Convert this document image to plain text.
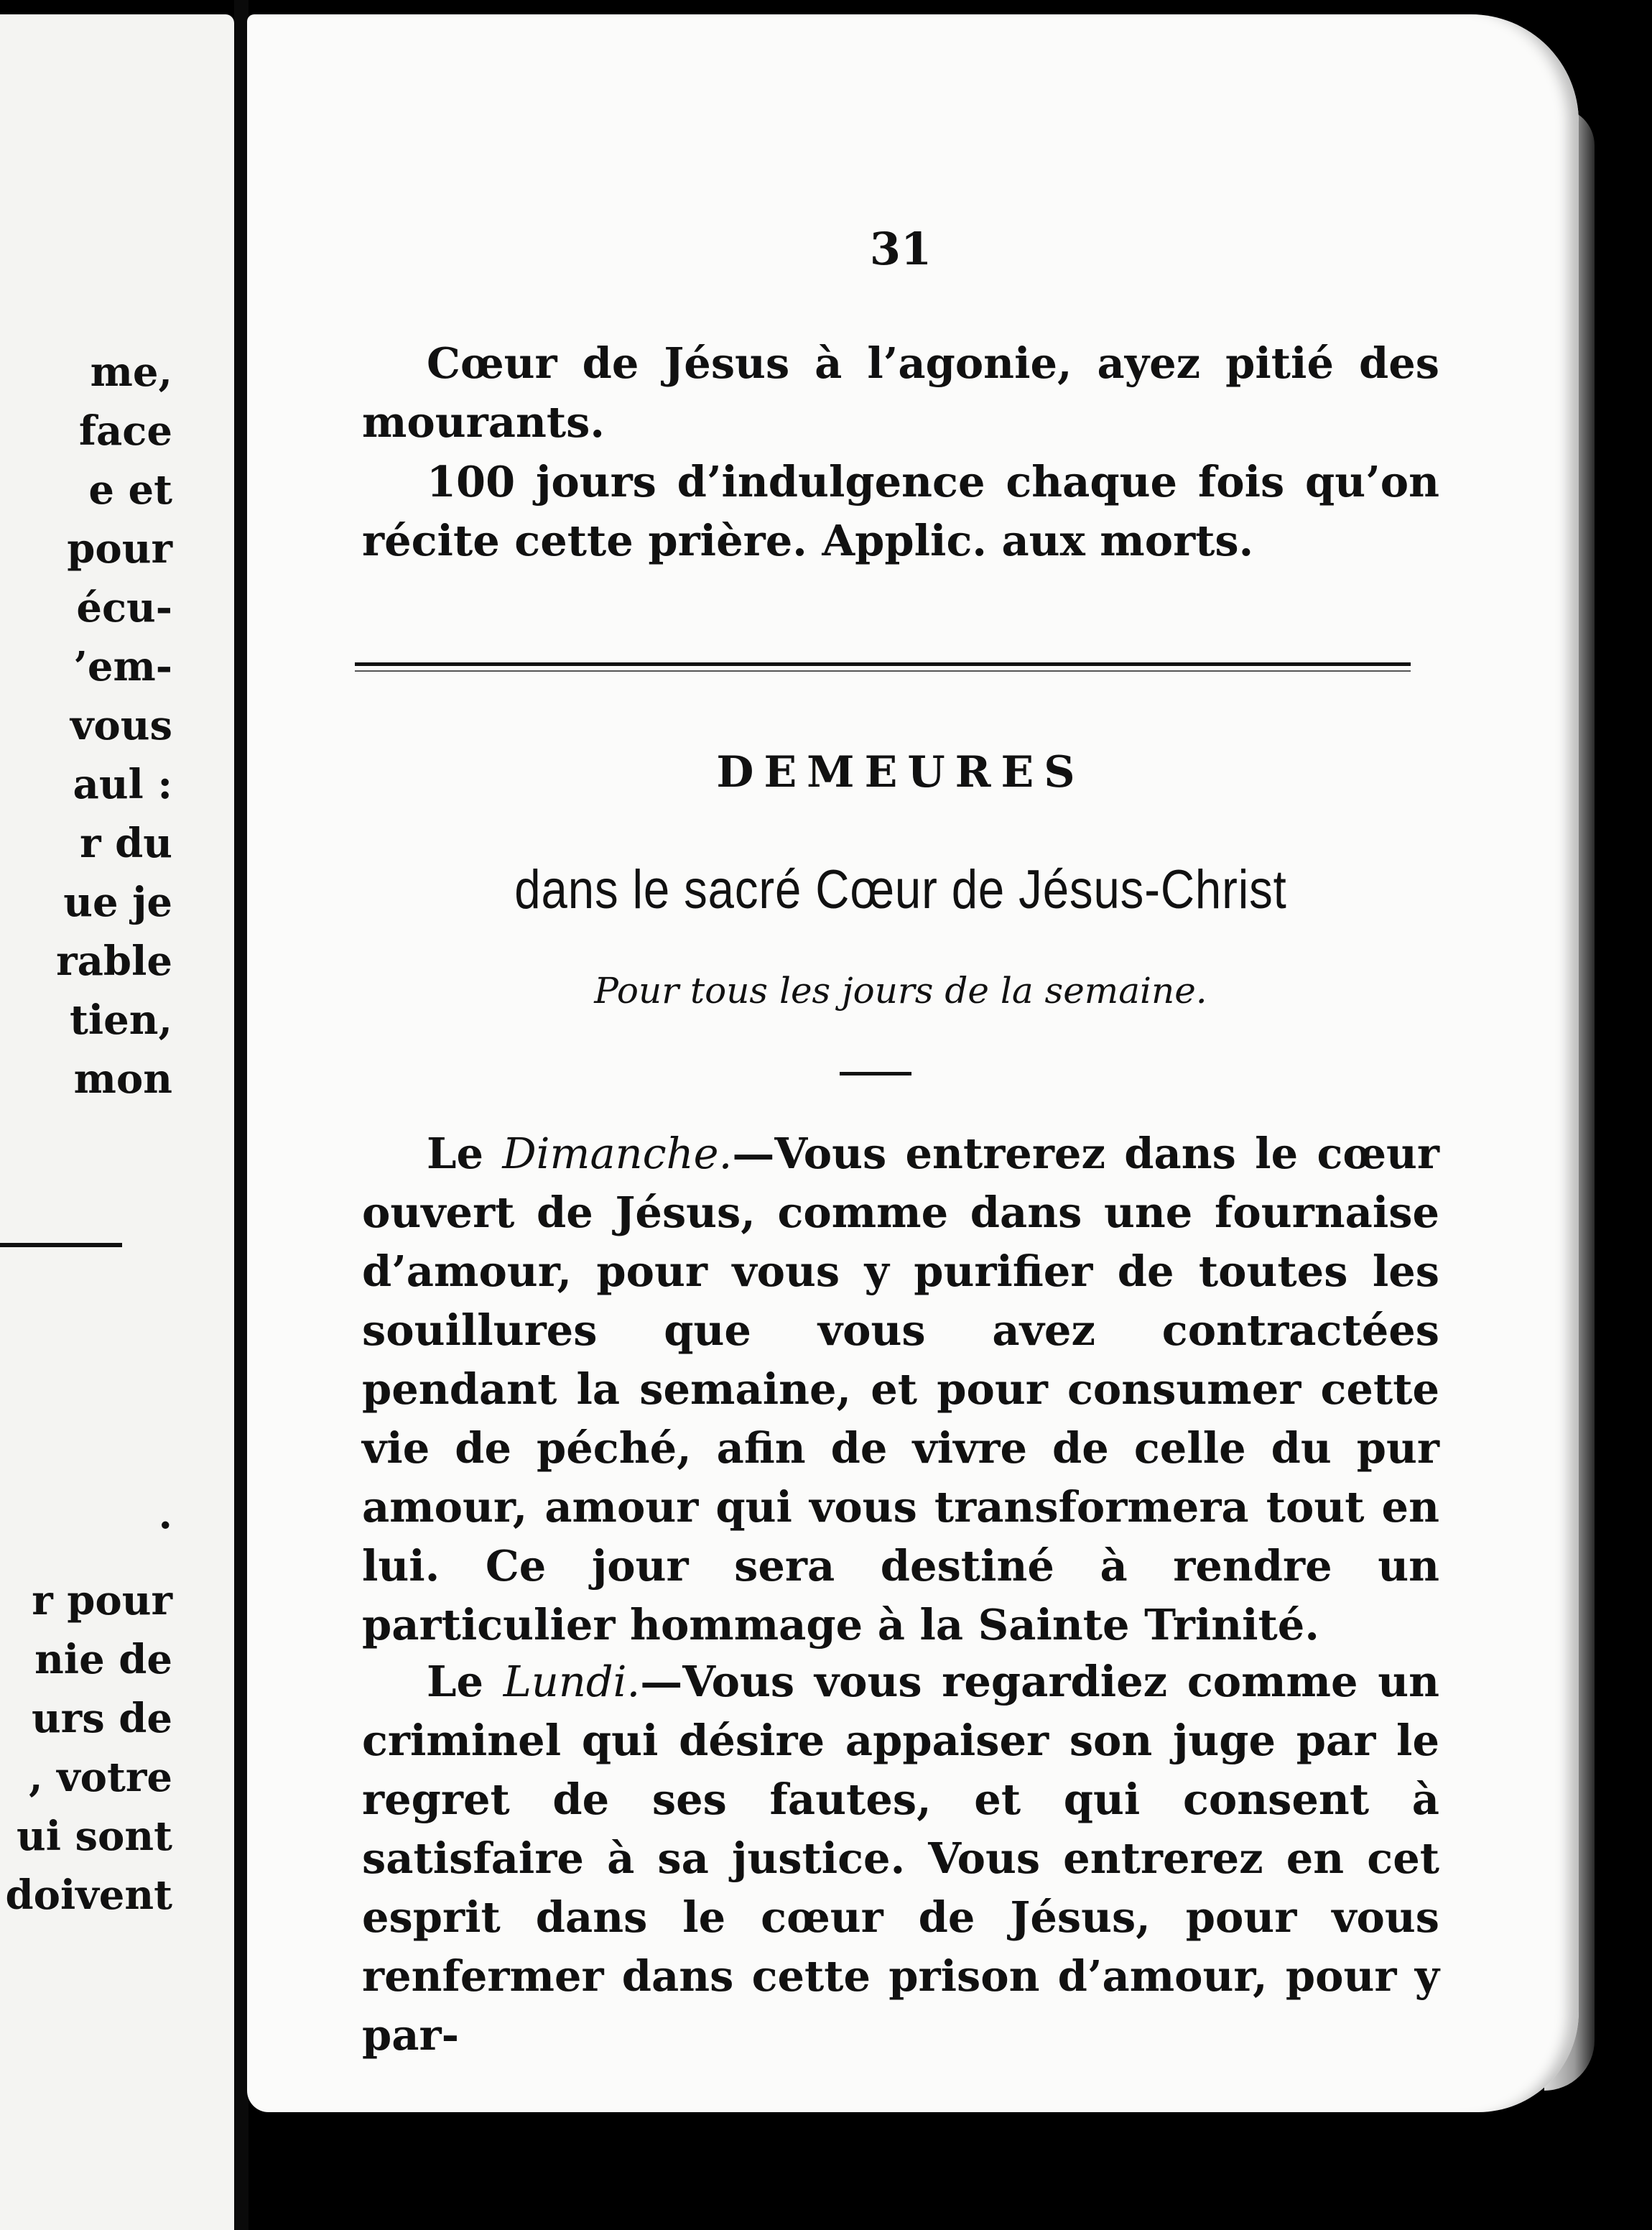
me,
face
e et
pour
écu-
’em-
vous
aul :
r du
ue je
rable
tien,
mon
.
r pour
nie de
urs de
, votre
ui sont
doivent
31

Cœur de Jésus à l’agonie, ayez pitié des mourants.

100 jours d’indulgence chaque fois qu’on récite cette prière. Applic. aux morts.

DEMEURES
dans le sacré Cœur de Jésus-Christ
Pour tous les jours de la semaine.

Le Dimanche.—Vous entrerez dans le cœur ouvert de Jésus, comme dans une fournaise d’amour, pour vous y purifier de toutes les souillures que vous avez contractées pendant la semaine, et pour consumer cette vie de péché, afin de vivre de celle du pur amour, amour qui vous transformera tout en lui. Ce jour sera destiné à rendre un particulier hommage à la Sainte Trinité.

Le Lundi.—Vous vous regardiez comme un criminel qui désire appaiser son juge par le regret de ses fautes, et qui consent à satisfaire à sa justice. Vous entrerez en cet esprit dans le cœur de Jésus, pour vous renfermer dans cette prison d’amour, pour y par-
